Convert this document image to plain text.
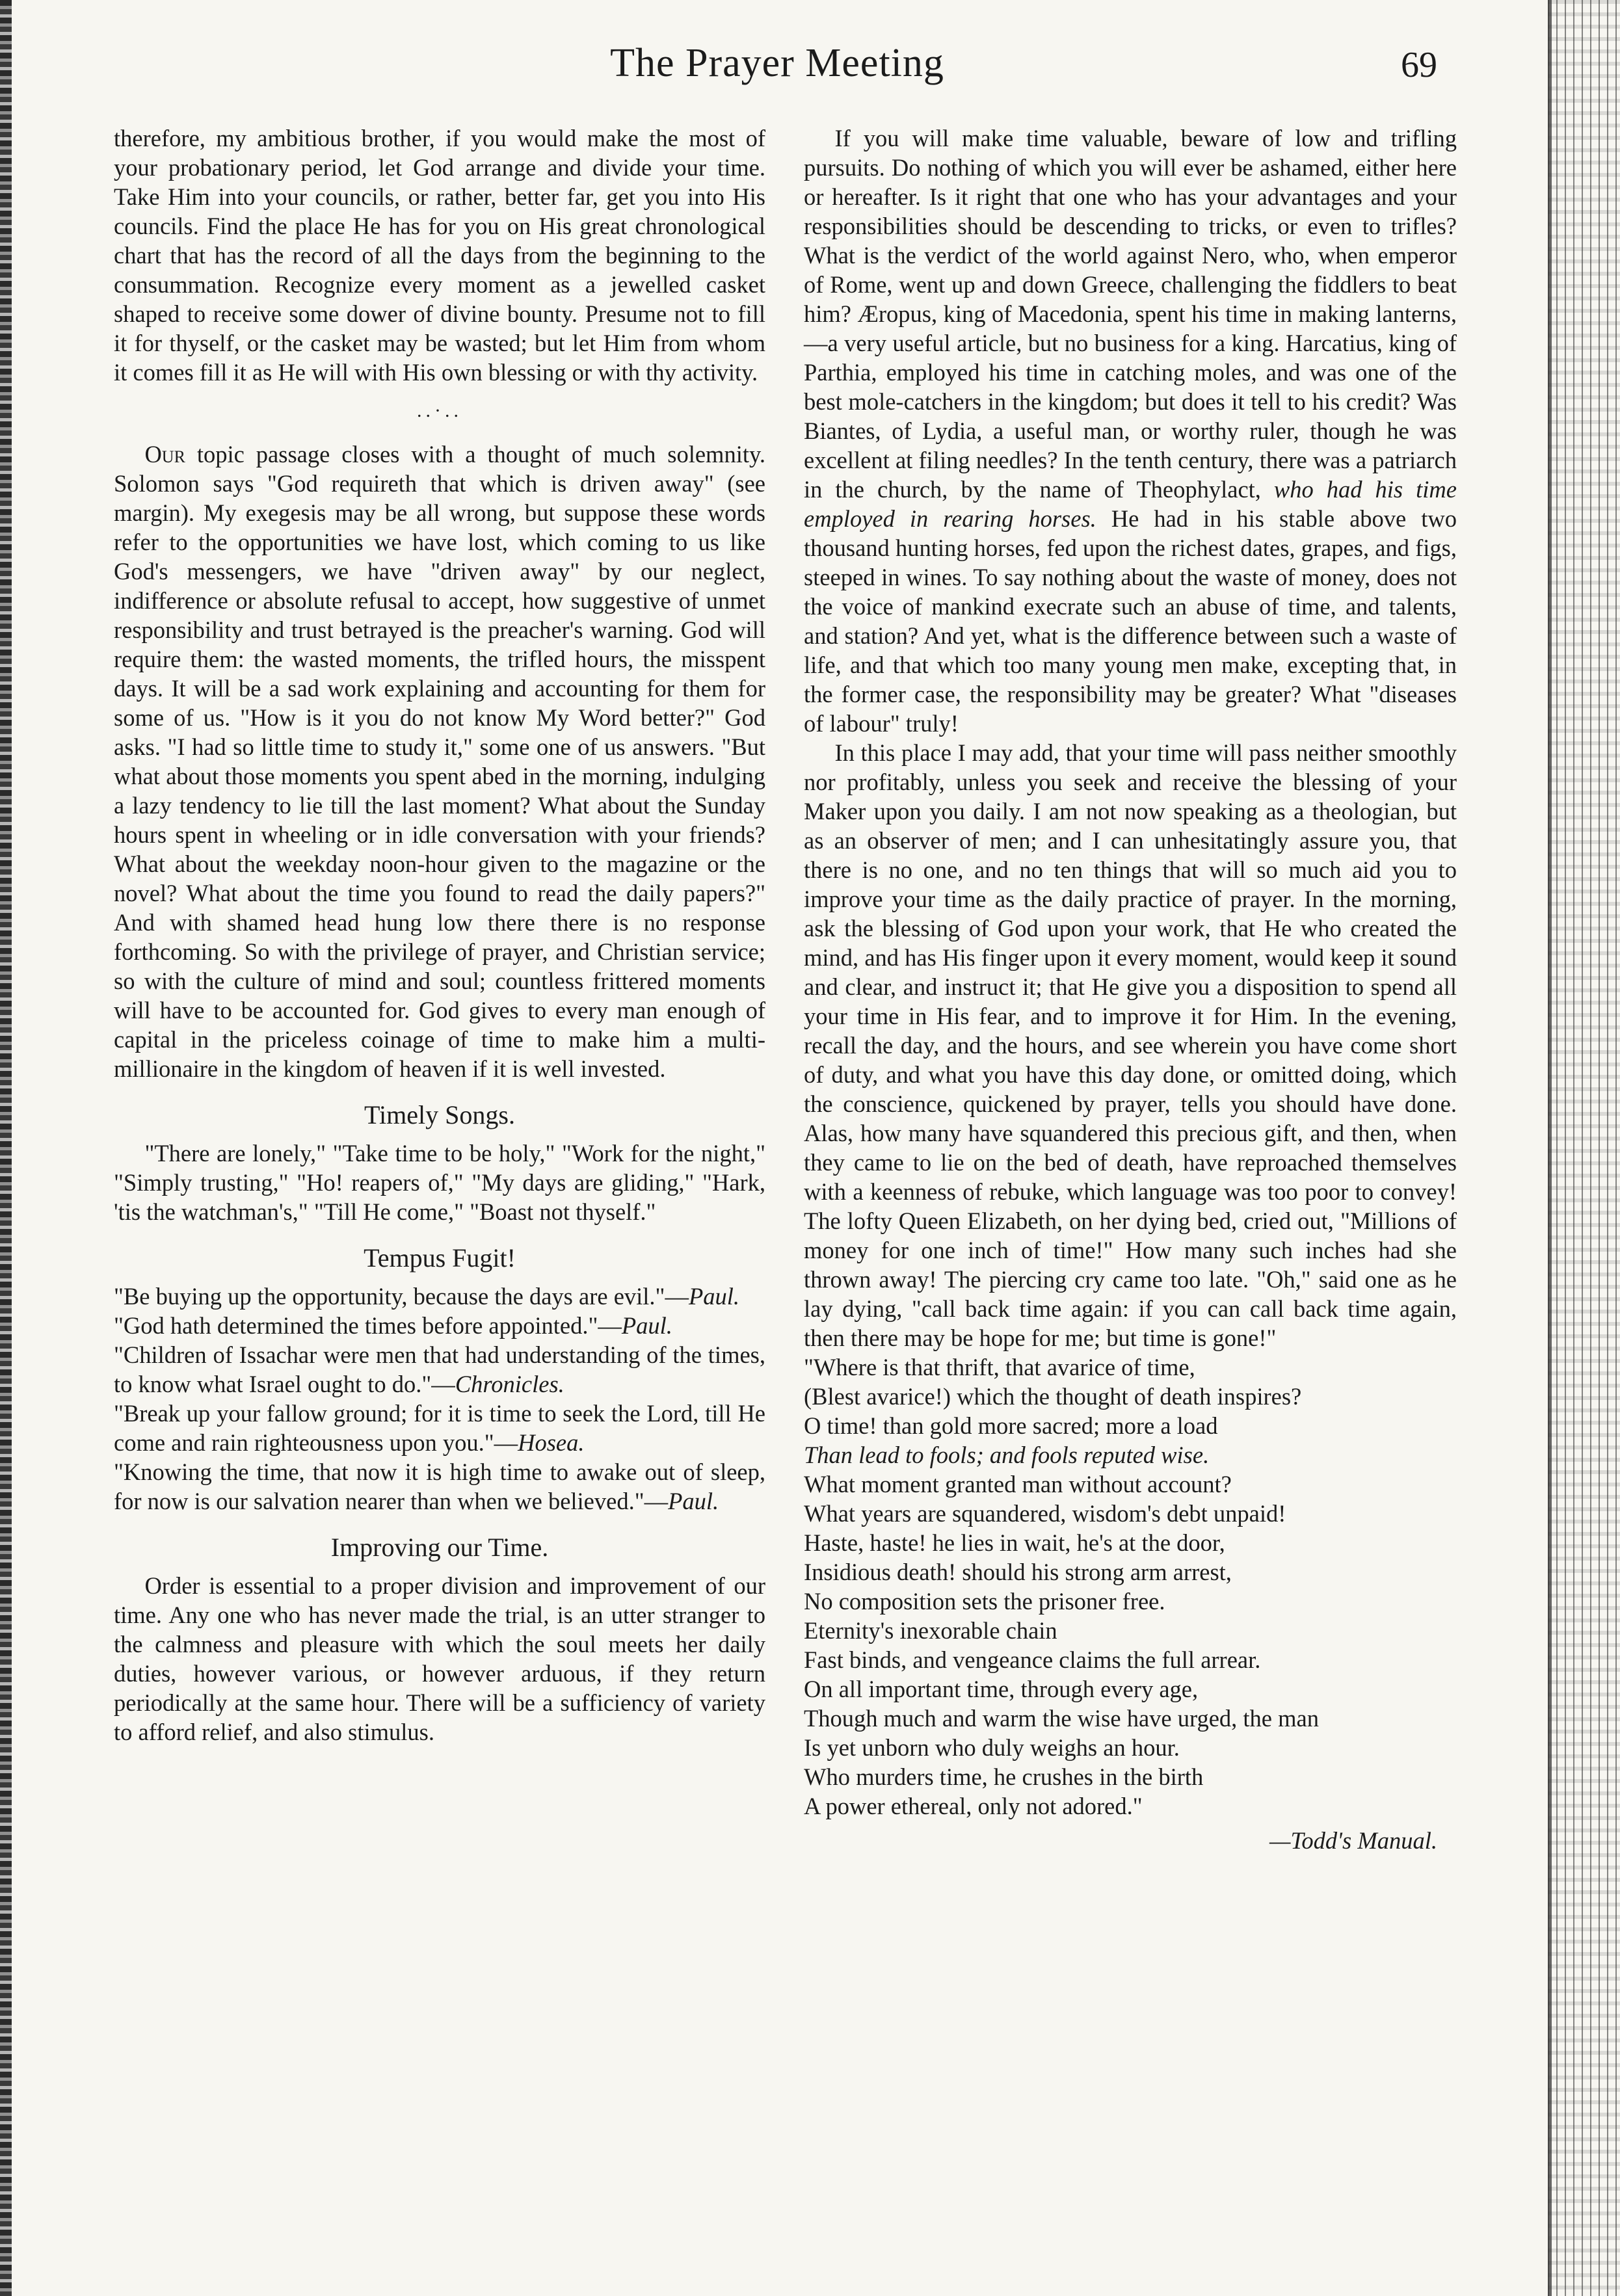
The Prayer Meeting	69

therefore, my ambitious brother, if you would make the most of your probationary period, let God arrange and divide your time. Take Him into your councils, or rather, better far, get you into His councils. Find the place He has for you on His great chronological chart that has the record of all the days from the beginning to the consummation. Recognize every moment as a jewelled casket shaped to receive some dower of divine bounty. Presume not to fill it for thyself, or the casket may be wasted; but let Him from whom it comes fill it as He will with His own blessing or with thy activity.

..·..

Our topic passage closes with a thought of much solemnity. Solomon says "God requireth that which is driven away" (see margin). My exegesis may be all wrong, but suppose these words refer to the opportunities we have lost, which coming to us like God's messengers, we have "driven away" by our neglect, indifference or absolute refusal to accept, how suggestive of unmet responsibility and trust betrayed is the preacher's warning. God will require them: the wasted moments, the trifled hours, the misspent days. It will be a sad work explaining and accounting for them for some of us. "How is it you do not know My Word better?" God asks. "I had so little time to study it," some one of us answers. "But what about those moments you spent abed in the morning, indulging a lazy tendency to lie till the last moment? What about the Sunday hours spent in wheeling or in idle conversation with your friends? What about the weekday noon-hour given to the magazine or the novel? What about the time you found to read the daily papers?" And with shamed head hung low there there is no response forthcoming. So with the privilege of prayer, and Christian service; so with the culture of mind and soul; countless frittered moments will have to be accounted for. God gives to every man enough of capital in the priceless coinage of time to make him a multi-millionaire in the kingdom of heaven if it is well invested.

Timely Songs.

"There are lonely," "Take time to be holy," "Work for the night," "Simply trusting," "Ho! reapers of," "My days are gliding," "Hark, 'tis the watchman's," "Till He come," "Boast not thyself."

Tempus Fugit!

"Be buying up the opportunity, because the days are evil."—Paul.

"God hath determined the times before appointed."—Paul.

"Children of Issachar were men that had understanding of the times, to know what Israel ought to do."—Chronicles.

"Break up your fallow ground; for it is time to seek the Lord, till He come and rain righteousness upon you."—Hosea.

"Knowing the time, that now it is high time to awake out of sleep, for now is our salvation nearer than when we believed."—Paul.

Improving our Time.

Order is essential to a proper division and improvement of our time. Any one who has never made the trial, is an utter stranger to the calmness and pleasure with which the soul meets her daily duties, however various, or however arduous, if they return periodically at the same hour. There will be a sufficiency of variety to afford relief, and also stimulus.

If you will make time valuable, beware of low and trifling pursuits. Do nothing of which you will ever be ashamed, either here or hereafter. Is it right that one who has your advantages and your responsibilities should be descending to tricks, or even to trifles? What is the verdict of the world against Nero, who, when emperor of Rome, went up and down Greece, challenging the fiddlers to beat him? Æropus, king of Macedonia, spent his time in making lanterns,—a very useful article, but no business for a king. Harcatius, king of Parthia, employed his time in catching moles, and was one of the best mole-catchers in the kingdom; but does it tell to his credit? Was Biantes, of Lydia, a useful man, or worthy ruler, though he was excellent at filing needles? In the tenth century, there was a patriarch in the church, by the name of Theophylact, who had his time employed in rearing horses. He had in his stable above two thousand hunting horses, fed upon the richest dates, grapes, and figs, steeped in wines. To say nothing about the waste of money, does not the voice of mankind execrate such an abuse of time, and talents, and station? And yet, what is the difference between such a waste of life, and that which too many young men make, excepting that, in the former case, the responsibility may be greater? What "diseases of labour" truly!

In this place I may add, that your time will pass neither smoothly nor profitably, unless you seek and receive the blessing of your Maker upon you daily. I am not now speaking as a theologian, but as an observer of men; and I can unhesitatingly assure you, that there is no one, and no ten things that will so much aid you to improve your time as the daily practice of prayer. In the morning, ask the blessing of God upon your work, that He who created the mind, and has His finger upon it every moment, would keep it sound and clear, and instruct it; that He give you a disposition to spend all your time in His fear, and to improve it for Him. In the evening, recall the day, and the hours, and see wherein you have come short of duty, and what you have this day done, or omitted doing, which the conscience, quickened by prayer, tells you should have done. Alas, how many have squandered this precious gift, and then, when they came to lie on the bed of death, have reproached themselves with a keenness of rebuke, which language was too poor to convey! The lofty Queen Elizabeth, on her dying bed, cried out, "Millions of money for one inch of time!" How many such inches had she thrown away! The piercing cry came too late. "Oh," said one as he lay dying, "call back time again: if you can call back time again, then there may be hope for me; but time is gone!"

"Where is that thrift, that avarice of time,
(Blest avarice!) which the thought of death inspires?
O time! than gold more sacred; more a load
Than lead to fools; and fools reputed wise.
What moment granted man without account?
What years are squandered, wisdom's debt unpaid!
Haste, haste! he lies in wait, he's at the door,
Insidious death! should his strong arm arrest,
No composition sets the prisoner free.
Eternity's inexorable chain
Fast binds, and vengeance claims the full arrear.
On all important time, through every age,
Though much and warm the wise have urged, the man
Is yet unborn who duly weighs an hour.
Who murders time, he crushes in the birth
A power ethereal, only not adored."
—Todd's Manual.
